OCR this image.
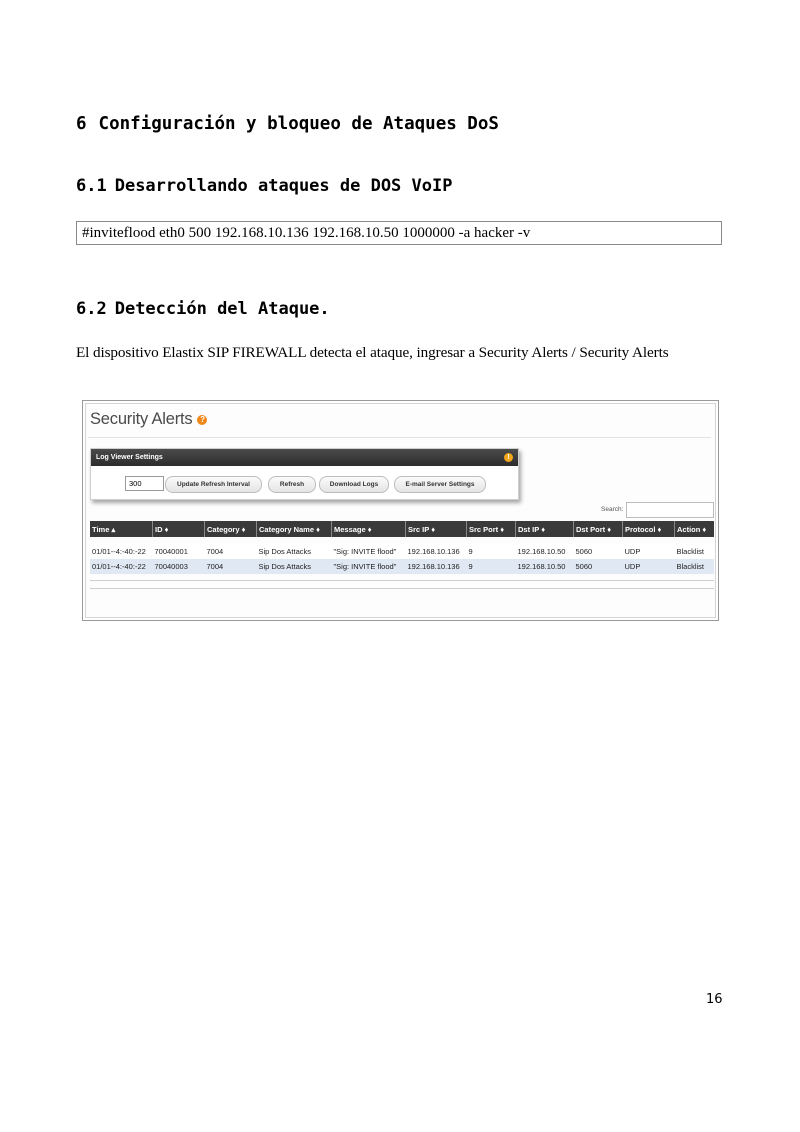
6 Configuración y bloqueo de Ataques DoS
6.1 Desarrollando ataques de DOS VoIP
#inviteflood eth0 500 192.168.10.136 192.168.10.50 1000000 -a hacker -v
6.2 Detección del Ataque.

El dispositivo Elastix SIP FIREWALL detecta el ataque, ingresar a Security Alerts / Security Alerts

Security Alerts ?
Log Viewer Settings	!
300	Update Refresh Interval	Refresh	Download Logs	E-mail Server Settings
Search:
Time ▴	ID ♦	Category ♦	Category Name ♦	Message ♦	Src IP ♦	Src Port ♦	Dst IP ♦	Dst Port ♦	Protocol ♦	Action ♦

01/01--4:-40:-22	70040001	7004	Sip Dos Attacks	"Sig: INVITE flood"	192.168.10.136	9	192.168.10.50	5060	UDP	Blacklist
01/01--4:-40:-22	70040003	7004	Sip Dos Attacks	"Sig: INVITE flood"	192.168.10.136	9	192.168.10.50	5060	UDP	Blacklist
16
